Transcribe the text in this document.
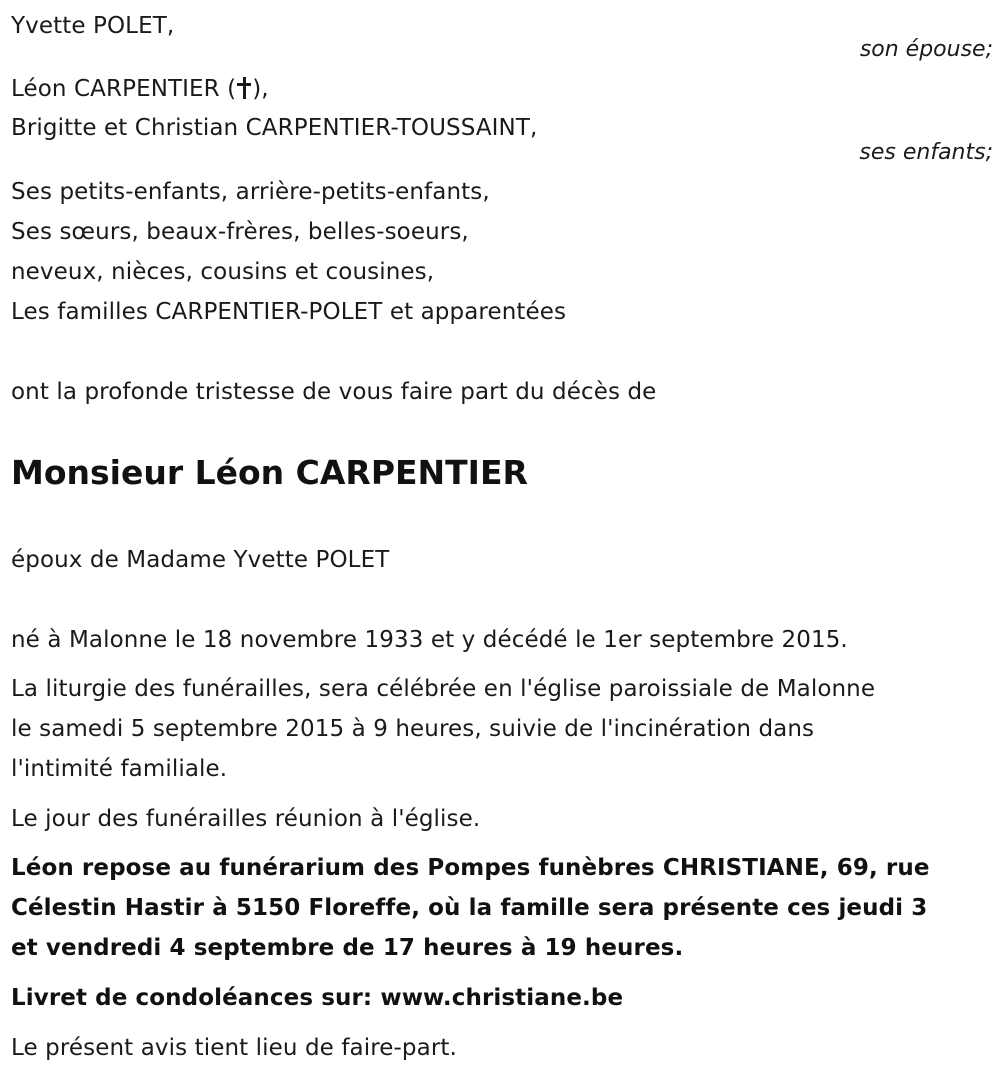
Yvette POLET,
son épouse;
Léon CARPENTIER ( ),
Brigitte et Christian CARPENTIER-TOUSSAINT,
ses enfants;
Ses petits-enfants, arrière-petits-enfants,
Ses sœurs, beaux-frères, belles-soeurs,
neveux, nièces, cousins et cousines,
Les familles CARPENTIER-POLET et apparentées
ont la profonde tristesse de vous faire part du décès de
Monsieur Léon CARPENTIER
époux de Madame Yvette POLET
né à Malonne le 18 novembre 1933 et y décédé le 1er septembre 2015.
La liturgie des funérailles, sera célébrée en l'église paroissiale de Malonne
le samedi 5 septembre 2015 à 9 heures, suivie de l'incinération dans
l'intimité familiale.
Le jour des funérailles réunion à l'église.
Léon repose au funérarium des Pompes funèbres CHRISTIANE, 69, rue
Célestin Hastir à 5150 Floreffe, où la famille sera présente ces jeudi 3
et vendredi 4 septembre de 17 heures à 19 heures.
Livret de condoléances sur: www.christiane.be
Le présent avis tient lieu de faire-part.
